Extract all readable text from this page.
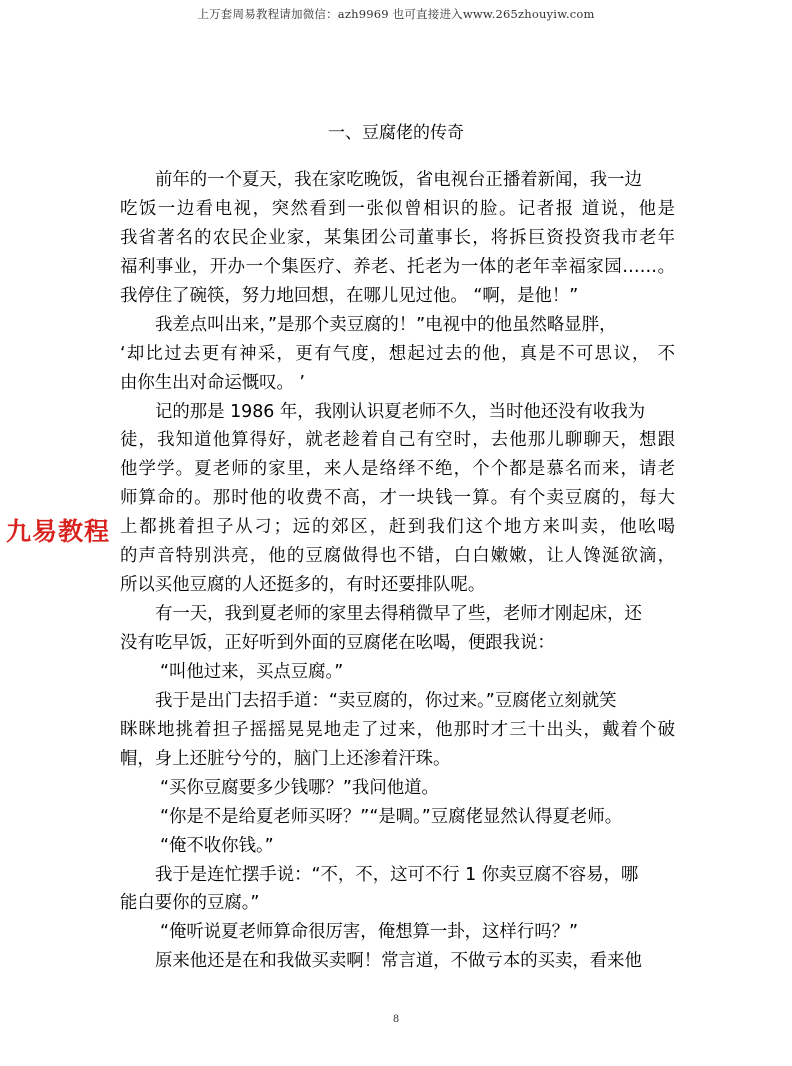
上万套周易教程请加微信：azh9969 也可直接进入www.265zhouyiw.com
九易教程
一、豆腐佬的传奇
前年的一个夏天，我在家吃晚饭，省电视台正播着新闻，我一边
吃饭一边看电视，突然看到一张似曾相识的脸。记者报 道说，他是
我省著名的农民企业家，某集团公司董事长，将拆巨资投资我市老年
福利事业，开办一个集医疗、养老、托老为一体的老年幸福家园……。
我停住了碗筷，努力地回想，在哪儿见过他。 “啊，是他！”
我差点叫出来，”是那个卖豆腐的！”电视中的他虽然略显胖，
‘却比过去更有神采，更有气度，想起过去的他，真是不可思议， 不
由你生出对命运慨叹。 ’
记的那是 1986 年，我刚认识夏老师不久，当时他还没有收我为
徒，我知道他算得好，就老趁着自己有空时，去他那儿聊聊天，想跟
他学学。夏老师的家里，来人是络绎不绝，个个都是慕名而来，请老
师算命的。那时他的收费不高，才一块钱一算。有个卖豆腐的，每大
上都挑着担子从刁；远的郊区，赶到我们这个地方来叫卖，他吆喝
的声音特别洪亮，他的豆腐做得也不错，白白嫩嫩，让人馋涎欲滴，
所以买他豆腐的人还挺多的，有时还要排队呢。
有一天，我到夏老师的家里去得稍微早了些，老师才刚起床，还
没有吃早饭，正好听到外面的豆腐佬在吆喝，便跟我说：
“叫他过来，买点豆腐。”
我于是出门去招手道：“卖豆腐的，你过来。”豆腐佬立刻就笑
眯眯地挑着担子摇摇晃晃地走了过来，他那时才三十出头，戴着个破
帽，身上还脏兮兮的，脑门上还渗着汗珠。
“买你豆腐要多少钱哪？”我问他道。
“你是不是给夏老师买呀？”“是啁。”豆腐佬显然认得夏老师。
“俺不收你钱。”
我于是连忙摆手说：“不，不，这可不行 1 你卖豆腐不容易，哪
能白要你的豆腐。”
“俺听说夏老师算命很厉害，俺想算一卦，这样行吗？”
原来他还是在和我做买卖啊！常言道，不做亏本的买卖，看来他
8
